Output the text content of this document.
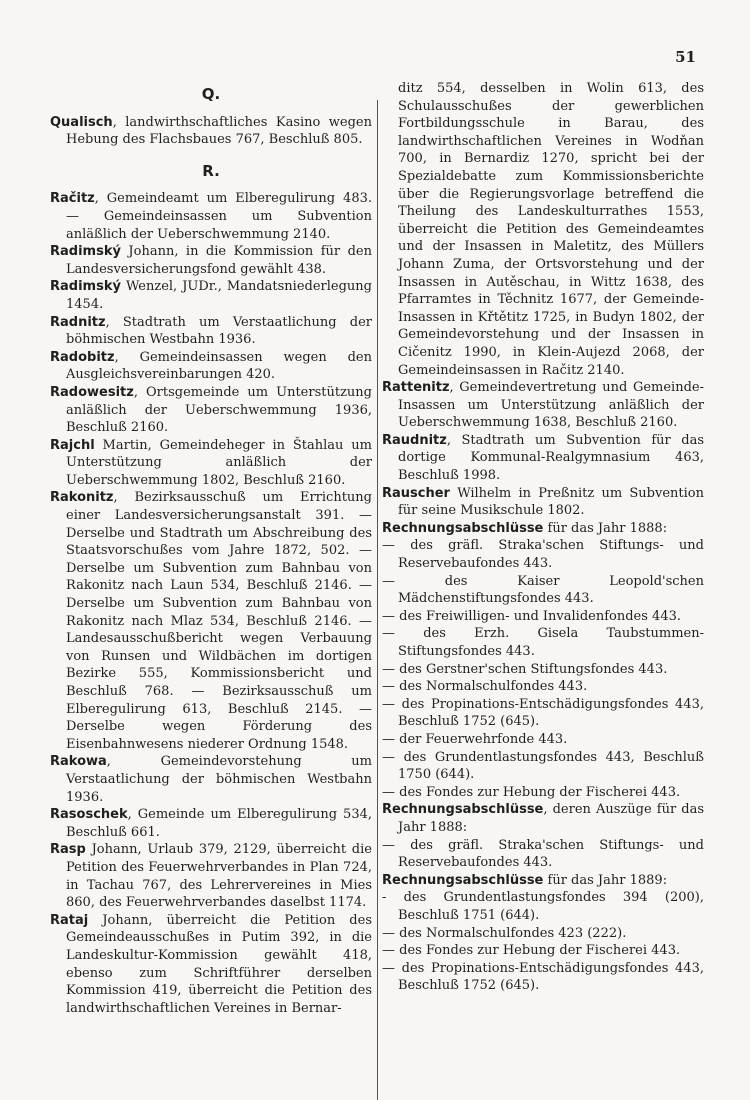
51
Q.

Qualisch, landwirthschaftliches Kasino wegen Hebung des Flachsbaues 767, Beschluß 805.

R.

Račitz, Gemeindeamt um Elberegulirung 483. — Gemeindeinsassen um Subvention anläßlich der Ueberschwemmung 2140.

Radimský Johann, in die Kommission für den Landesversicherungsfond gewählt 438.

Radimský Wenzel, JUDr., Mandatsniederlegung 1454.

Radnitz, Stadtrath um Verstaatlichung der böhmischen Westbahn 1936.

Radobitz, Gemeindeinsassen wegen den Ausgleichsvereinbarungen 420.

Radowesitz, Ortsgemeinde um Unterstützung anläßlich der Ueberschwemmung 1936, Beschluß 2160.

Rajchl Martin, Gemeindeheger in Štahlau um Unterstützung anläßlich der Ueberschwemmung 1802, Beschluß 2160.

Rakonitz, Bezirksausschuß um Errichtung einer Landesversicherungsanstalt 391. — Derselbe und Stadtrath um Abschreibung des Staatsvorschußes vom Jahre 1872, 502. — Derselbe um Subvention zum Bahnbau von Rakonitz nach Laun 534, Beschluß 2146. — Derselbe um Subvention zum Bahnbau von Rakonitz nach Mlaz 534, Beschluß 2146. — Landesausschußbericht wegen Verbauung von Runsen und Wildbächen im dortigen Bezirke 555, Kommissionsbericht und Beschluß 768. — Bezirksausschuß um Elberegulirung 613, Beschluß 2145. — Derselbe wegen Förderung des Eisenbahnwesens niederer Ordnung 1548.

Rakowa, Gemeindevorstehung um Verstaatlichung der böhmischen Westbahn 1936.

Rasoschek, Gemeinde um Elberegulirung 534, Beschluß 661.

Rasp Johann, Urlaub 379, 2129, überreicht die Petition des Feuerwehrverbandes in Plan 724, in Tachau 767, des Lehrervereines in Mies 860, des Feuerwehrverbandes daselbst 1174.

Rataj Johann, überreicht die Petition des Gemeindeausschußes in Putim 392, in die Landeskultur-Kommission gewählt 418, ebenso zum Schriftführer derselben Kommission 419, überreicht die Petition des landwirthschaftlichen Vereines in Bernar-

ditz 554, desselben in Wolin 613, des Schulausschußes der gewerblichen Fortbildungsschule in Barau, des landwirthschaftlichen Vereines in Wodňan 700, in Bernardiz 1270, spricht bei der Spezialdebatte zum Kommissionsberichte über die Regierungsvorlage betreffend die Theilung des Landeskulturrathes 1553, überreicht die Petition des Gemeindeamtes und der Insassen in Maletitz, des Müllers Johann Zuma, der Ortsvorstehung und der Insassen in Autěschau, in Wittz 1638, des Pfarramtes in Těchnitz 1677, der Gemeinde-Insassen in Křtětitz 1725, in Budyn 1802, der Gemeindevorstehung und der Insassen in Cičenitz 1990, in Klein-Aujezd 2068, der Gemeindeinsassen in Račitz 2140.

Rattenitz, Gemeindevertretung und Gemeinde-Insassen um Unterstützung anläßlich der Ueberschwemmung 1638, Beschluß 2160.

Raudnitz, Stadtrath um Subvention für das dortige Kommunal-Realgymnasium 463, Beschluß 1998.

Rauscher Wilhelm in Preßnitz um Subvention für seine Musikschule 1802.

Rechnungsabschlüsse für das Jahr 1888:

— des gräfl. Straka'schen Stiftungs- und Reservebaufondes 443.

— des Kaiser Leopold'schen Mädchenstiftungsfondes 443.

— des Freiwilligen- und Invalidenfondes 443.

— des Erzh. Gisela Taubstummen-Stiftungsfondes 443.

— des Gerstner'schen Stiftungsfondes 443.

— des Normalschulfondes 443.

— des Propinations-Entschädigungsfondes 443, Beschluß 1752 (645).

— der Feuerwehrfonde 443.

— des Grundentlastungsfondes 443, Beschluß 1750 (644).

— des Fondes zur Hebung der Fischerei 443.

Rechnungsabschlüsse, deren Auszüge für das Jahr 1888:

— des gräfl. Straka'schen Stiftungs- und Reservebaufondes 443.

Rechnungsabschlüsse für das Jahr 1889:

- des Grundentlastungsfondes 394 (200), Beschluß 1751 (644).

— des Normalschulfondes 423 (222).

— des Fondes zur Hebung der Fischerei 443.

— des Propinations-Entschädigungsfondes 443, Beschluß 1752 (645).
